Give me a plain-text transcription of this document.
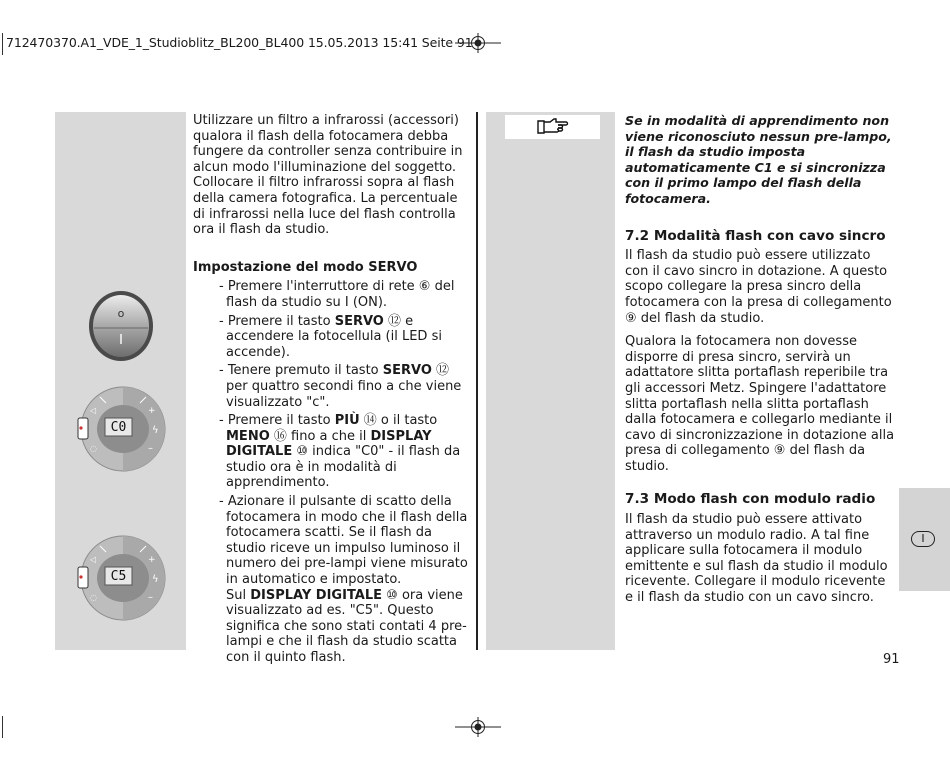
712470370.A1_VDE_1_Studioblitz_BL200_BL400 15.05.2013 15:41 Seite 91
o
+
–
ϟ
◁
◌
C0
+
–
ϟ
◁
◌
C5

Utilizzare un filtro a infrarossi (accessori) qualora il flash della fotocamera debba fungere da controller senza contribuire in alcun modo l'illuminazione del soggetto. Collocare il filtro infrarossi sopra al flash della camera fotografica. La percentuale di infrarossi nella luce del flash controlla ora il flash da studio.

Impostazione del modo SERVO

- Premere l'interruttore di rete ⑥ del flash da studio su I (ON).
- Premere il tasto SERVO ⑫ e accendere la fotocellula (il LED si accende).
- Tenere premuto il tasto SERVO ⑫ per quattro secondi fino a che viene visualizzato "c".
- Premere il tasto PIÙ ⑭ o il tasto MENO ⑯ fino a che il DISPLAY DIGITALE ⑩ indica "C0" - il flash da studio ora è in modalità di apprendimento.
- Azionare il pulsante di scatto della fotocamera in modo che il flash della fotocamera scatti. Se il flash da studio riceve un impulso luminoso il numero dei pre-lampi viene misurato in automatico e impostato.

Sul DISPLAY DIGITALE ⑩ ora viene visualizzato ad es. "C5". Questo significa che sono stati contati 4 pre-lampi e che il flash da studio scatta con il quinto flash.

Se in modalità di apprendimento non viene riconosciuto nessun pre-lampo, il flash da studio imposta automaticamente C1 e si sincronizza con il primo lampo del flash della fotocamera.

7.2 Modalità flash con cavo sincro

Il flash da studio può essere utilizzato con il cavo sincro in dotazione. A questo scopo collegare la presa sincro della fotocamera con la presa di collegamento ⑨ del flash da studio.

Qualora la fotocamera non dovesse disporre di presa sincro, servirà un adattatore slitta portaflash reperibile tra gli accessori Metz. Spingere l'adattatore slitta portaflash nella slitta portaflash dalla fotocamera e collegarlo mediante il cavo di sincronizzazione in dotazione alla presa di collegamento ⑨ del flash da studio.

7.3 Modo flash con modulo radio

Il flash da studio può essere attivato attraverso un modulo radio. A tal fine applicare sulla fotocamera il modulo emittente e sul flash da studio il modulo ricevente. Collegare il modulo ricevente e il flash da studio con un cavo sincro.

I
91
